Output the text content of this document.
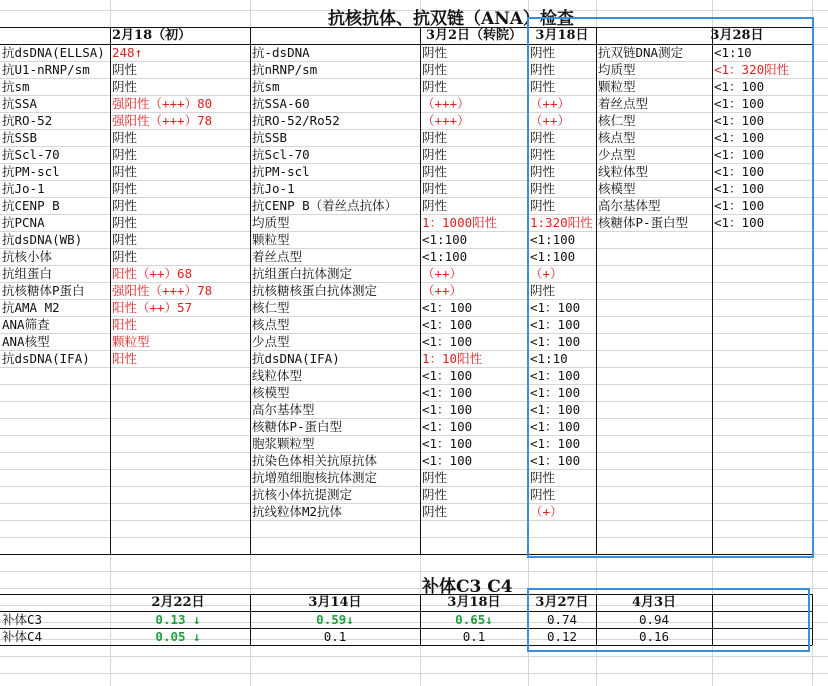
2月18（初）	3月2日（转院）	3月18日	3月28日
抗dsDNA(ELLSA) 248↑
抗U1-nRNP/sm 阴性
抗sm	阴性
抗SSA	强阳性（+++）80
抗RO-52	强阳性（+++）78
抗SSB	阴性
抗Scl-70	阴性
抗PM-scl	阴性
抗Jo-1	阴性
抗CENP B	阴性
抗PCNA	阴性
抗dsDNA(WB) 阴性
抗核小体	阴性
抗组蛋白	阳性（++）68
抗核糖体P蛋白 强阳性（+++）78
抗AMA M2	阳性（++）57
ANA筛查	阳性
ANA核型	颗粒型
抗dsDNA(IFA) 阳性
抗-dsDNA	阴性	阴性
抗nRNP/sm	阴性	阴性
抗sm	阴性	阴性
抗SSA-60	（+++）	（++）
抗RO-52/Ro52	（+++）	（++）
抗SSB	阴性	阴性
抗Scl-70	阴性	阴性
抗PM-scl	阴性	阴性
抗Jo-1	阴性	阴性
抗CENP B（着丝点抗体） 阴性	阴性
均质型	1：1000阳性	1:320阳性
颗粒型	<1:100	<1:100
着丝点型	<1:100	<1:100
抗组蛋白抗体测定	（++）	（+）
抗核糖核蛋白抗体测定	（++）	阴性
核仁型	<1：100	<1：100
核点型	<1：100	<1：100
少点型	<1：100	<1：100
抗dsDNA(IFA)	1：10阳性	<1:10
线粒体型	<1：100	<1：100
核模型	<1：100	<1：100
高尔基体型	<1：100	<1：100
核糖体P-蛋白型	<1：100	<1：100
胞浆颗粒型	<1：100	<1：100
抗染色体相关抗原抗体	<1：100	<1：100
抗增殖细胞核抗体测定	阴性	阴性
抗核小体抗提测定	阴性	阴性
抗线粒体M2抗体	阴性	（+）
抗双链DNA测定 <1:10
均质型	<1：320阳性
颗粒型	<1：100
着丝点型	<1：100
核仁型	<1：100
核点型	<1：100
少点型	<1：100
线粒体型	<1：100
核模型	<1：100
高尔基体型	<1：100
核糖体P-蛋白型 <1：100
2月22日	3月14日	3月18日	3月27日	4月3日
补体C3	0.13 ↓	0.59↓	0.65↓	0.74	0.94
补体C4	0.05 ↓	0.1	0.1	0.12	0.16
抗核抗体、抗双链（ANA）检查
补体C3 C4
